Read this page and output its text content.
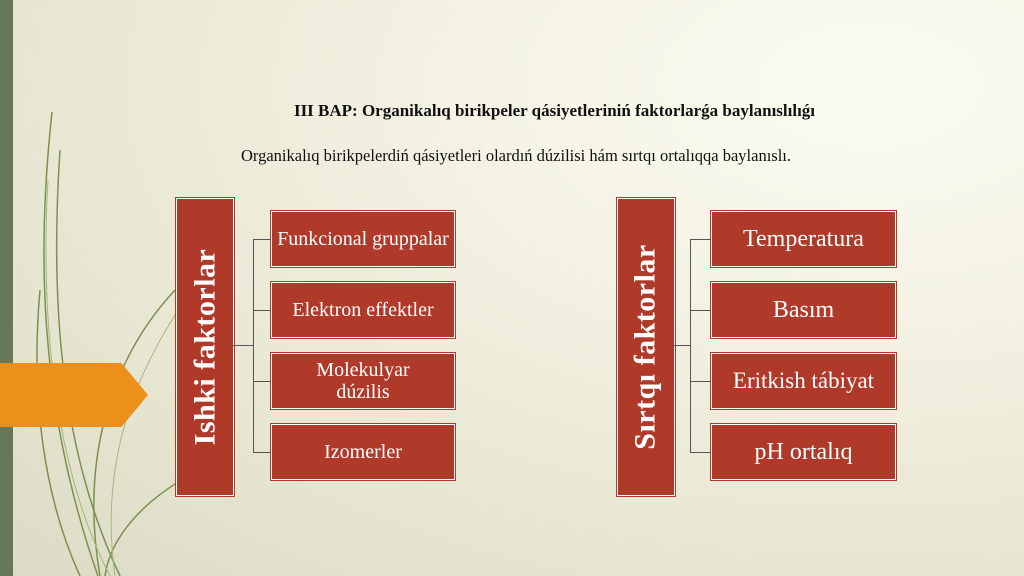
III BAP: Organikalıq birikpeler qásiyetleriniń faktorlarǵa baylanıslılıǵı
Organikalıq birikpelerdiń qásiyetleri olardıń dúzilisi hám sırtqı ortalıqqa baylanıslı.
Ishki faktorlar
Funkcional gruppalar
Elektron effektler
Molekulyar dúzilis
Izomerler
Sırtqı faktorlar
Temperatura
Basım
Eritkish tábiyat
pH ortalıq
